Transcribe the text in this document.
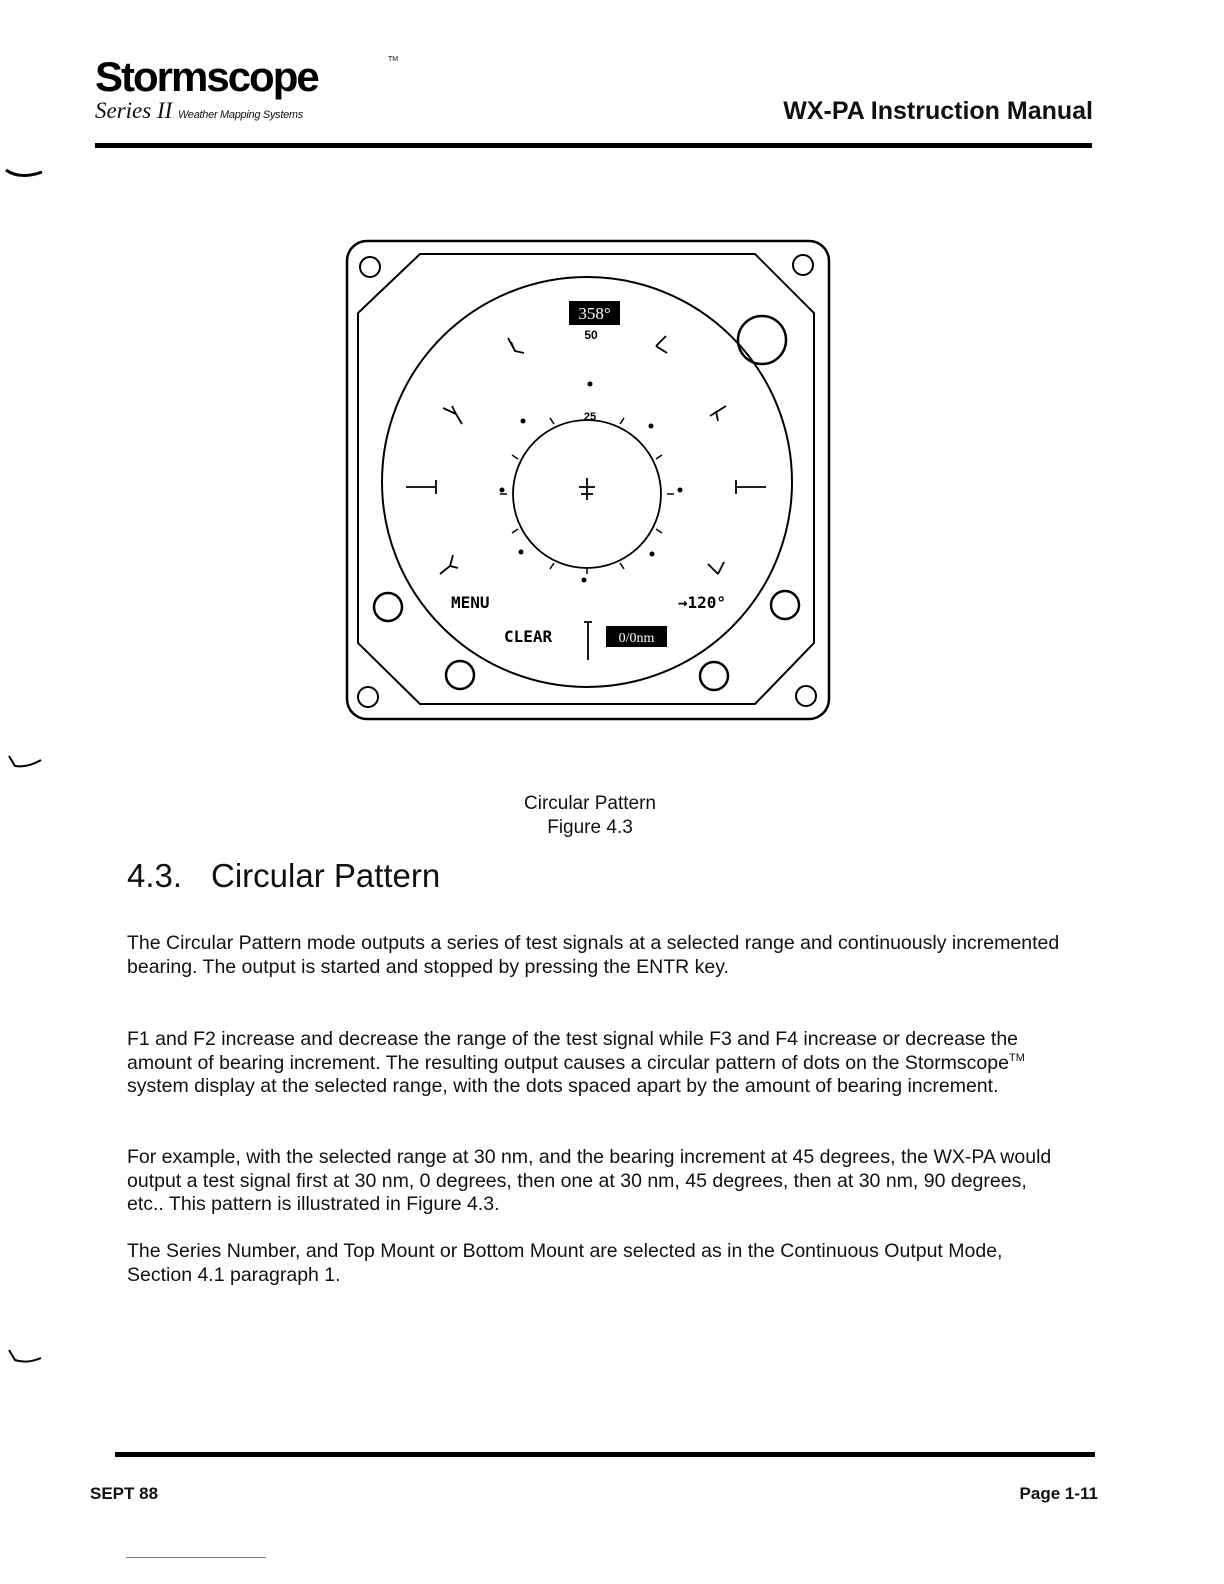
Stormscope	TM
Series II Weather Mapping Systems	WX-PA Instruction Manual
358°
50
25
MENU	→120°
CLEAR	0/0nm
Circular Pattern
Figure 4.3
4.3. Circular Pattern
The Circular Pattern mode outputs a series of test signals at a selected range and continuously incremented bearing. The output is started and stopped by pressing the ENTR key.
F1 and F2 increase and decrease the range of the test signal while F3 and F4 increase or decrease the amount of bearing increment. The resulting output causes a circular pattern of dots on the Stormscope™ system display at the selected range, with the dots spaced apart by the amount of bearing increment.
For example, with the selected range at 30 nm, and the bearing increment at 45 degrees, the WX-PA would output a test signal first at 30 nm, 0 degrees, then one at 30 nm, 45 degrees, then at 30 nm, 90 degrees, etc.. This pattern is illustrated in Figure 4.3.
The Series Number, and Top Mount or Bottom Mount are selected as in the Continuous Output Mode, Section 4.1 paragraph 1.
SEPT 88	Page 1-11
